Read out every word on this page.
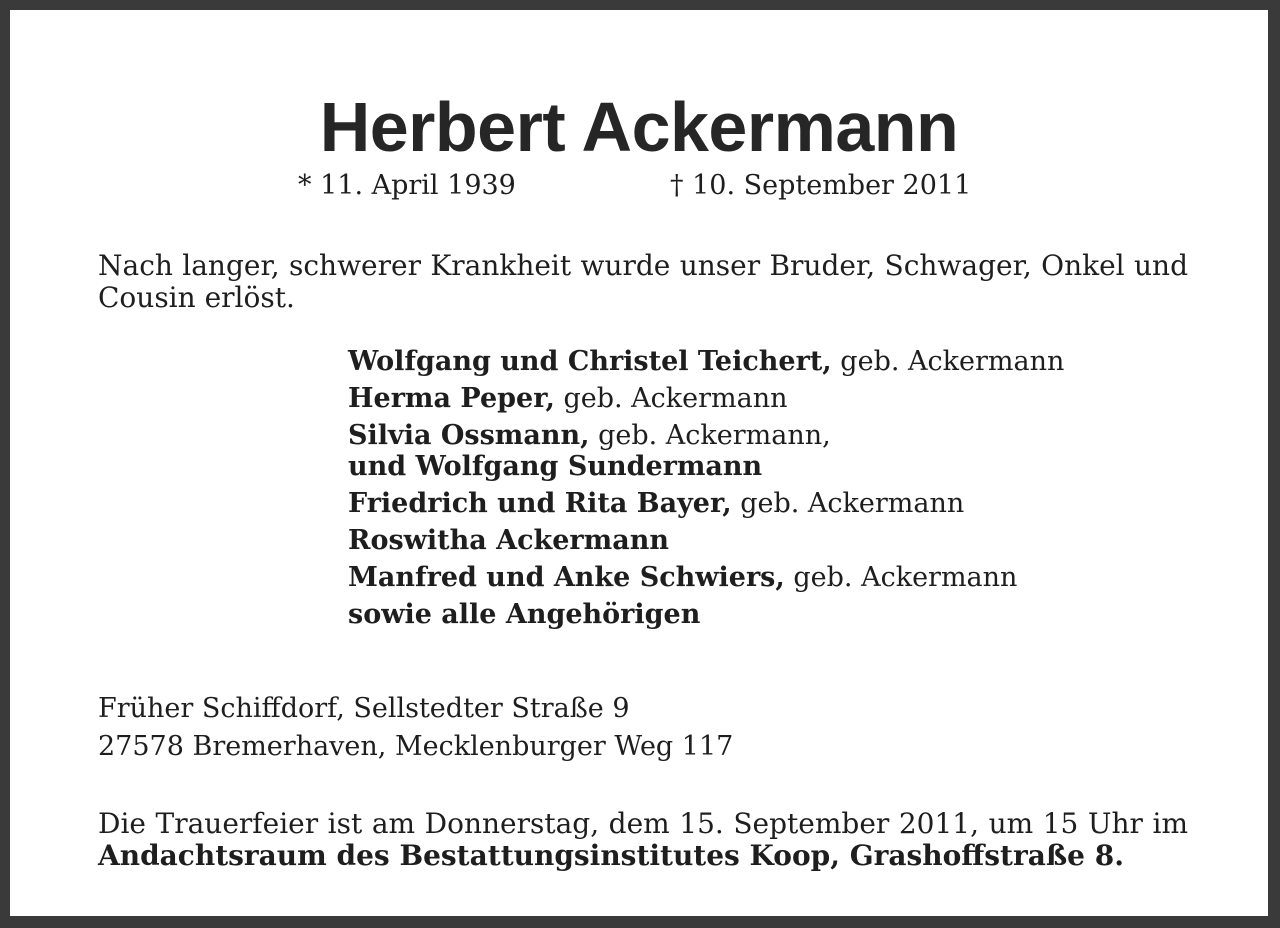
Herbert Ackermann
* 11. April 1939	† 10. September 2011

Nach langer, schwerer Krankheit wurde unser Bruder, Schwager, Onkel und Cousin erlöst.

Wolfgang und Christel Teichert, geb. Ackermann
Herma Peper, geb. Ackermann
Silvia Ossmann, geb. Ackermann,
und Wolfgang Sundermann
Friedrich und Rita Bayer, geb. Ackermann
Roswitha Ackermann
Manfred und Anke Schwiers, geb. Ackermann
sowie alle Angehörigen
Früher Schiffdorf, Sellstedter Straße 9
27578 Bremerhaven, Mecklenburger Weg 117

Die Trauerfeier ist am Donnerstag, dem 15. September 2011, um 15 Uhr im Andachtsraum des Bestattungsinstitutes Koop, Grashoffstraße 8.
